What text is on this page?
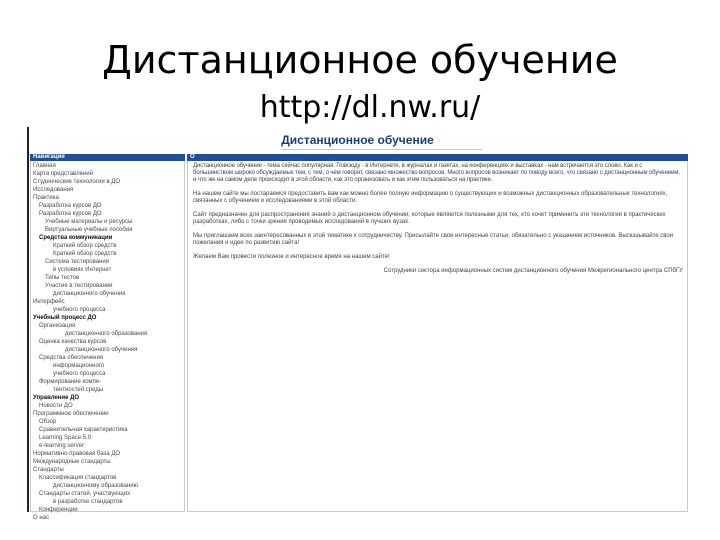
Дистанционное обучение
http://dl.nw.ru/
Дистанционное обучение
Навигация
Главная
Карта представлений
Студенческие технологии в ДО
Исследования
Практика
Разработка курсов ДО
Разработка курсов ДО
Учебные материалы и ресурсы
Виртуальные учебные пособия
Средства коммуникации
Краткий обзор средств
Краткий обзор средств
Система тестирования
в условиях Интернет
Типы тестов
Участие в тестировании
дистанционного обучения
Интерфейс
учебного процесса
Учебный процесс ДО
Организация
дистанционного образования
Оценка качества курсов
дистанционного обучения
Средства обеспечения
информационного
учебного процесса
Формирование компе-
тентностей среды
Управление ДО
Новости ДО
Программное обеспечение
Обзор
Сравнительная характеристика
Learning Space 5.0
e-learning server
Нормативно-правовая база ДО
Международные стандарты
Стандарты
Классификация стандартов
дистанционному образованию
Стандарты статей, участвующих
в разработке стандартов
Конференции
О нас
О

Дистанционное обучение - тема сейчас популярная. Повсюду - в Интернете, в журналах и газетах, на конференциях и выставках - нам встречается это слово. Как и с большинством широко обсуждаемых тем, с тем, о чем говорят, связано множество вопросов. Много вопросов возникает по поводу всего, что связано с дистанционным обучением, и что же на самом деле происходит в этой области, как это организовать и как этим пользоваться на практике.

На нашем сайте мы постараемся предоставить вам как можно более полную информацию о существующих и возможных дистанционных образовательных технологиях, связанных с обучением и исследованиями в этой области.

Сайт предназначен для распространения знаний о дистанционном обучении, которые являются полезными для тех, кто хочет применить эти технологии в практических разработках, либо с точки зрения проводимых исследований в лучших вузах.

Мы приглашаем всех заинтересованных в этой тематике к сотрудничеству. Присылайте свои интересные статьи, обязательно с указанием источников. Высказывайте свои пожелания и идеи по развитию сайта!

Желаем Вам провести полезное и интересное время на нашем сайте!

Сотрудники сектора информационных систем дистанционного обучения Межрегионального центра СПбГУ
